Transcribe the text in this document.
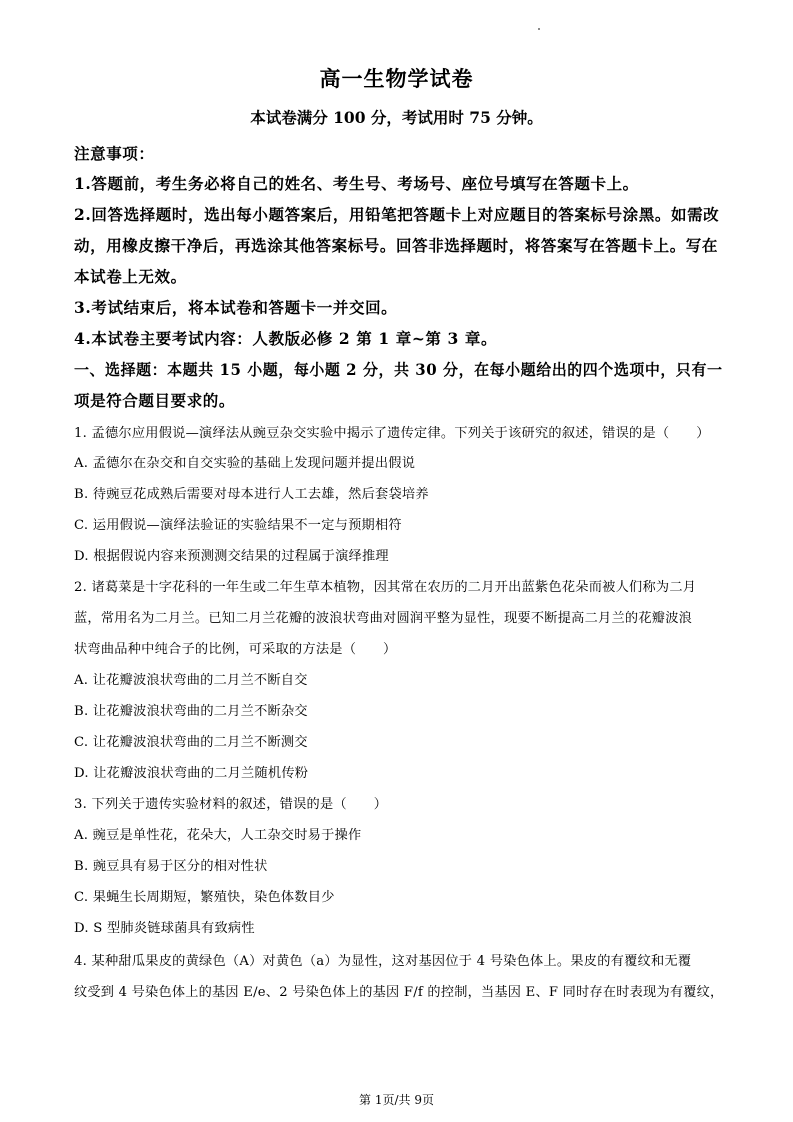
高一生物学试卷
本试卷满分 100 分，考试用时 75 分钟。
注意事项：
1.答题前，考生务必将自己的姓名、考生号、考场号、座位号填写在答题卡上。
2.回答选择题时，选出每小题答案后，用铅笔把答题卡上对应题目的答案标号涂黑。如需改
动，用橡皮擦干净后，再选涂其他答案标号。回答非选择题时，将答案写在答题卡上。写在
本试卷上无效。
3.考试结束后，将本试卷和答题卡一并交回。
4.本试卷主要考试内容：人教版必修 2 第 1 章~第 3 章。
一、选择题：本题共 15 小题，每小题 2 分，共 30 分，在每小题给出的四个选项中，只有一
项是符合题目要求的。
1. 孟德尔应用假说—演绎法从豌豆杂交实验中揭示了遗传定律。下列关于该研究的叙述，错误的是（　　）
A. 孟德尔在杂交和自交实验的基础上发现问题并提出假说
B. 待豌豆花成熟后需要对母本进行人工去雄，然后套袋培养
C. 运用假说—演绎法验证的实验结果不一定与预期相符
D. 根据假说内容来预测测交结果的过程属于演绎推理
2. 诸葛菜是十字花科的一年生或二年生草本植物，因其常在农历的二月开出蓝紫色花朵而被人们称为二月
蓝，常用名为二月兰。已知二月兰花瓣的波浪状弯曲对圆润平整为显性，现要不断提高二月兰的花瓣波浪
状弯曲品种中纯合子的比例，可采取的方法是（　　）
A. 让花瓣波浪状弯曲的二月兰不断自交
B. 让花瓣波浪状弯曲的二月兰不断杂交
C. 让花瓣波浪状弯曲的二月兰不断测交
D. 让花瓣波浪状弯曲的二月兰随机传粉
3. 下列关于遗传实验材料的叙述，错误的是（　　）
A. 豌豆是单性花，花朵大，人工杂交时易于操作
B. 豌豆具有易于区分的相对性状
C. 果蝇生长周期短，繁殖快，染色体数目少
D. S 型肺炎链球菌具有致病性
4. 某种甜瓜果皮的黄绿色（A）对黄色（a）为显性，这对基因位于 4 号染色体上。果皮的有覆纹和无覆
纹受到 4 号染色体上的基因 E/e、2 号染色体上的基因 F/f 的控制，当基因 E、F 同时存在时表现为有覆纹，
第 1页/共 9页
